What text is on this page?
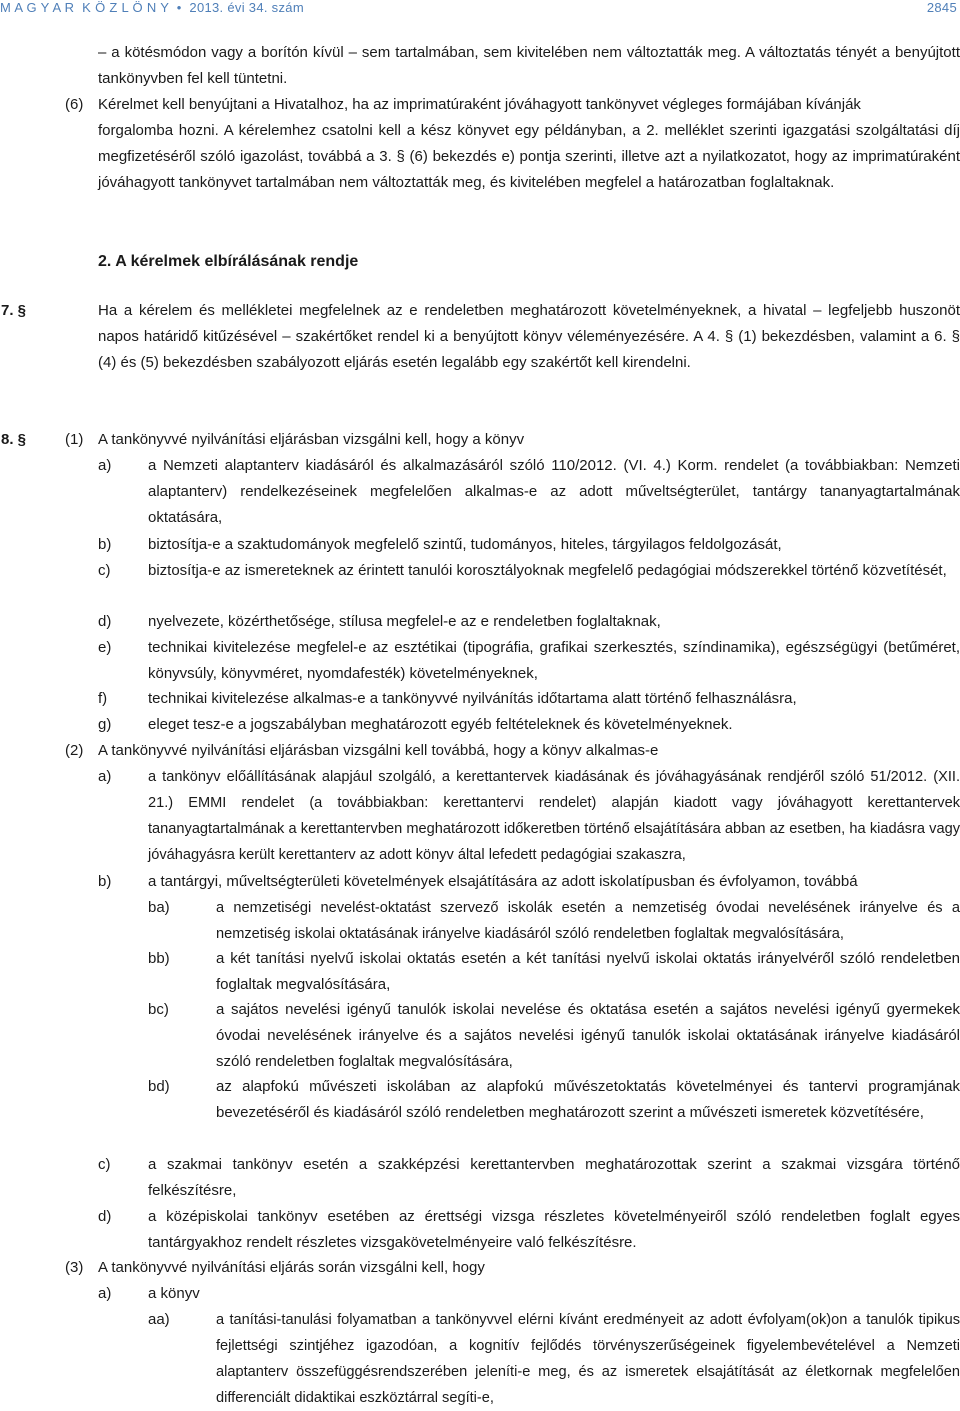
M A G Y A R  K Ö Z L Ö N Y  •  2013. évi 34. szám	2845

– a kötésmódon vagy a borítón kívül – sem tartalmában, sem kivitelében nem változtatták meg. A változtatás tényét a benyújtott tankönyvben fel kell tüntetni.

(6) Kérelmet kell benyújtani a Hivatalhoz, ha az imprimatúraként jóváhagyott tankönyvet végleges formájában kívánják

forgalomba hozni. A kérelemhez csatolni kell a kész könyvet egy példányban, a 2. melléklet szerinti igazgatási szolgáltatási díj megfizetéséről szóló igazolást, továbbá a 3. § (6) bekezdés e) pontja szerinti, illetve azt a nyilatkozatot, hogy az imprimatúraként jóváhagyott tankönyvet tartalmában nem változtatták meg, és kivitelében megfelel a határozatban foglaltaknak.

2. A kérelmek elbírálásának rendje
7. §	Ha a kérelem és mellékletei megfelelnek az e rendeletben meghatározott követelményeknek, a hivatal – legfeljebb huszonöt napos határidő kitűzésével – szakértőket rendel ki a benyújtott könyv véleményezésére. A 4. § (1) bekezdésben, valamint a 6. § (4) és (5) bekezdésben szabályozott eljárás esetén legalább egy szakértőt kell kirendelni.

8. §	(1) A tankönyvvé nyilvánítási eljárásban vizsgálni kell, hogy a könyv

a) a Nemzeti alaptanterv kiadásáról és alkalmazásáról szóló 110/2012. (VI. 4.) Korm. rendelet (a továbbiakban: Nemzeti alaptanterv) rendelkezéseinek megfelelően alkalmas-e az adott műveltségterület, tantárgy tananyagtartalmának oktatására,

b) biztosítja-e a szaktudományok megfelelő szintű, tudományos, hiteles, tárgyilagos feldolgozását,

c)	biztosítja-e az ismereteknek az érintett tanulói korosztályoknak megfelelő pedagógiai módszerekkel történő közvetítését,

d) nyelvezete, közérthetősége, stílusa megfelel-e az e rendeletben foglaltaknak,

e) technikai kivitelezése megfelel-e az esztétikai (tipográfia, grafikai szerkesztés, színdinamika), egészségügyi (betűméret, könyvsúly, könyvméret, nyomdafesték) követelményeknek,

f)	technikai kivitelezése alkalmas-e a tankönyvvé nyilvánítás időtartama alatt történő felhasználásra,

g) eleget tesz-e a jogszabályban meghatározott egyéb feltételeknek és követelményeknek.

(2) A tankönyvvé nyilvánítási eljárásban vizsgálni kell továbbá, hogy a könyv alkalmas-e

a)	a tankönyv előállításának alapjául szolgáló, a kerettantervek kiadásának és jóváhagyásának rendjéről szóló 51/2012. (XII. 21.) EMMI rendelet (a továbbiakban: kerettantervi rendelet) alapján kiadott vagy jóváhagyott kerettantervek tananyagtartalmának a kerettantervben meghatározott időkeretben történő elsajátítására abban az esetben, ha kiadásra vagy jóváhagyásra került kerettanterv az adott könyv által lefedett pedagógiai szakaszra,

b) a tantárgyi, műveltségterületi követelmények elsajátítására az adott iskolatípusban és évfolyamon, továbbá

ba)	a nemzetiségi nevelést-oktatást szervező iskolák esetén a nemzetiség óvodai nevelésének irányelve és a nemzetiség iskolai oktatásának irányelve kiadásáról szóló rendeletben foglaltak megvalósítására,

bb)	a két tanítási nyelvű iskolai oktatás esetén a két tanítási nyelvű iskolai oktatás irányelvéről szóló rendeletben foglaltak megvalósítására,

bc)	a sajátos nevelési igényű tanulók iskolai nevelése és oktatása esetén a sajátos nevelési igényű gyermekek óvodai nevelésének irányelve és a sajátos nevelési igényű tanulók iskolai oktatásának irányelve kiadásáról szóló rendeletben foglaltak megvalósítására,

bd)	az alapfokú művészeti iskolában az alapfokú művészetoktatás követelményei és tantervi programjának bevezetéséről és kiadásáról szóló rendeletben meghatározott szerint a művészeti ismeretek közvetítésére,

c)	a szakmai tankönyv esetén a szakképzési kerettantervben meghatározottak szerint a szakmai vizsgára történő felkészítésre,

d) a középiskolai tankönyv esetében az érettségi vizsga részletes követelményeiről szóló rendeletben foglalt egyes tantárgyakhoz rendelt részletes vizsgakövetelményeire való felkészítésre.

(3) A tankönyvvé nyilvánítási eljárás során vizsgálni kell, hogy

a) a könyv

aa)	a tanítási-tanulási folyamatban a tankönyvvel elérni kívánt eredményeit az adott évfolyam(ok)on a tanulók tipikus fejlettségi szintjéhez igazodóan, a kognitív fejlődés törvényszerűségeinek figyelembevételével a Nemzeti alaptanterv összefüggésrendszerében jeleníti-e meg, és az ismeretek elsajátítását az életkornak megfelelően differenciált didaktikai eszköztárral segíti-e,
